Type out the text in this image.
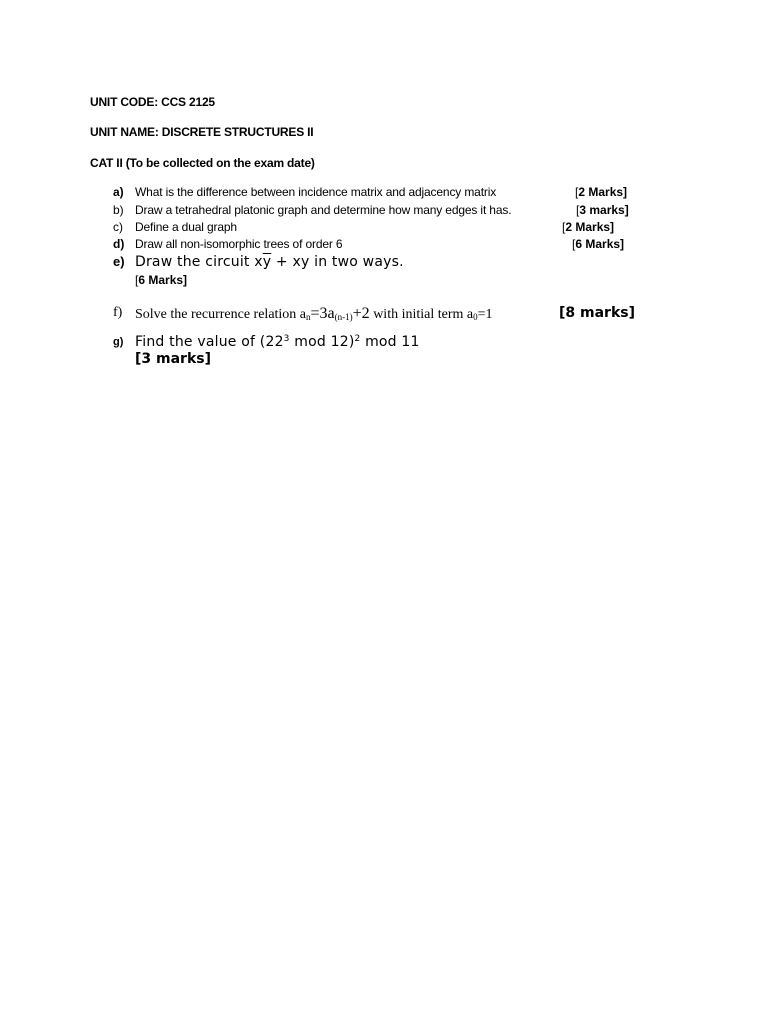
UNIT CODE: CCS 2125
UNIT NAME: DISCRETE STRUCTURES II
CAT II (To be collected on the exam date)
a) What is the difference between incidence matrix and adjacency matrix	[2 Marks]
b) Draw a tetrahedral platonic graph and determine how many edges it has.	[3 marks]
c) Define a dual graph	[2 Marks]
d) Draw all non-isomorphic trees of order 6	[6 Marks]
e) Draw the circuit $x\overline{y}$ + xy in two ways.
[6 Marks]
f) Solve the recurrence relation $a_n=3a_{(n-1)}+2$ with initial term $a_0=1$	[8 marks]
g) Find the value of ($22^3$ mod 12)$^2$ mod 11
[3 marks]
